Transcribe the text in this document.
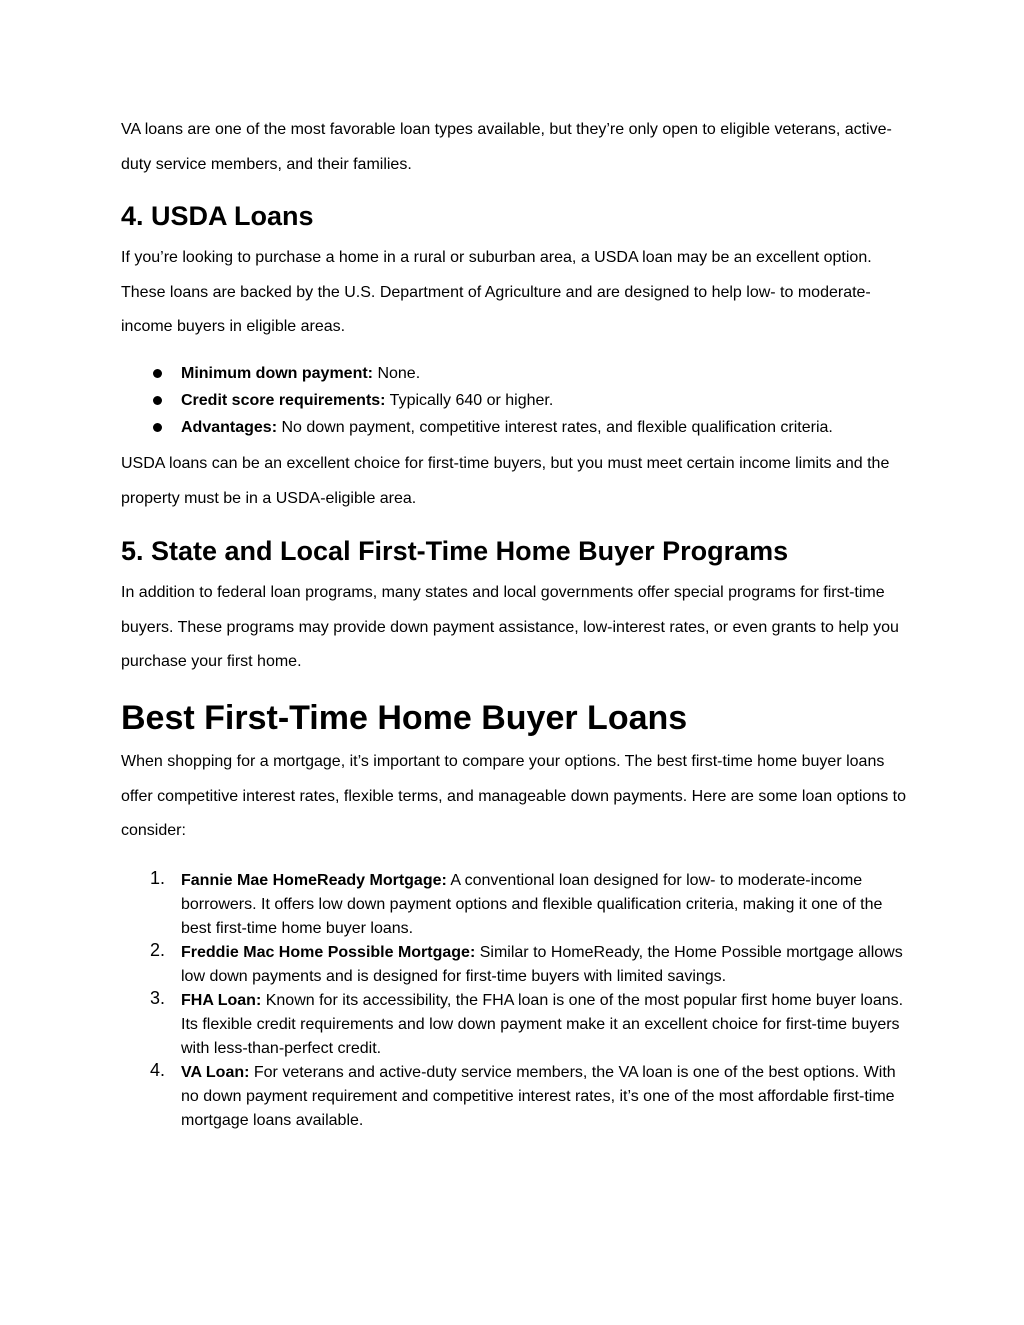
VA loans are one of the most favorable loan types available, but they’re only open to eligible veterans, active-duty service members, and their families.

4. USDA Loans

If you’re looking to purchase a home in a rural or suburban area, a USDA loan may be an excellent option. These loans are backed by the U.S. Department of Agriculture and are designed to help low- to moderate-income buyers in eligible areas.

Minimum down payment: None.
Credit score requirements: Typically 640 or higher.
Advantages: No down payment, competitive interest rates, and flexible qualification criteria.

USDA loans can be an excellent choice for first-time buyers, but you must meet certain income limits and the property must be in a USDA-eligible area.

5. State and Local First-Time Home Buyer Programs

In addition to federal loan programs, many states and local governments offer special programs for first-time buyers. These programs may provide down payment assistance, low-interest rates, or even grants to help you purchase your first home.

Best First-Time Home Buyer Loans

When shopping for a mortgage, it’s important to compare your options. The best first-time home buyer loans offer competitive interest rates, flexible terms, and manageable down payments. Here are some loan options to consider:

1. Fannie Mae HomeReady Mortgage: A conventional loan designed for low- to moderate-income borrowers. It offers low down payment options and flexible qualification criteria, making it one of the best first-time home buyer loans.
2. Freddie Mac Home Possible Mortgage: Similar to HomeReady, the Home Possible mortgage allows low down payments and is designed for first-time buyers with limited savings.
3. FHA Loan: Known for its accessibility, the FHA loan is one of the most popular first home buyer loans. Its flexible credit requirements and low down payment make it an excellent choice for first-time buyers with less-than-perfect credit.
4. VA Loan: For veterans and active-duty service members, the VA loan is one of the best options. With no down payment requirement and competitive interest rates, it’s one of the most affordable first-time mortgage loans available.
